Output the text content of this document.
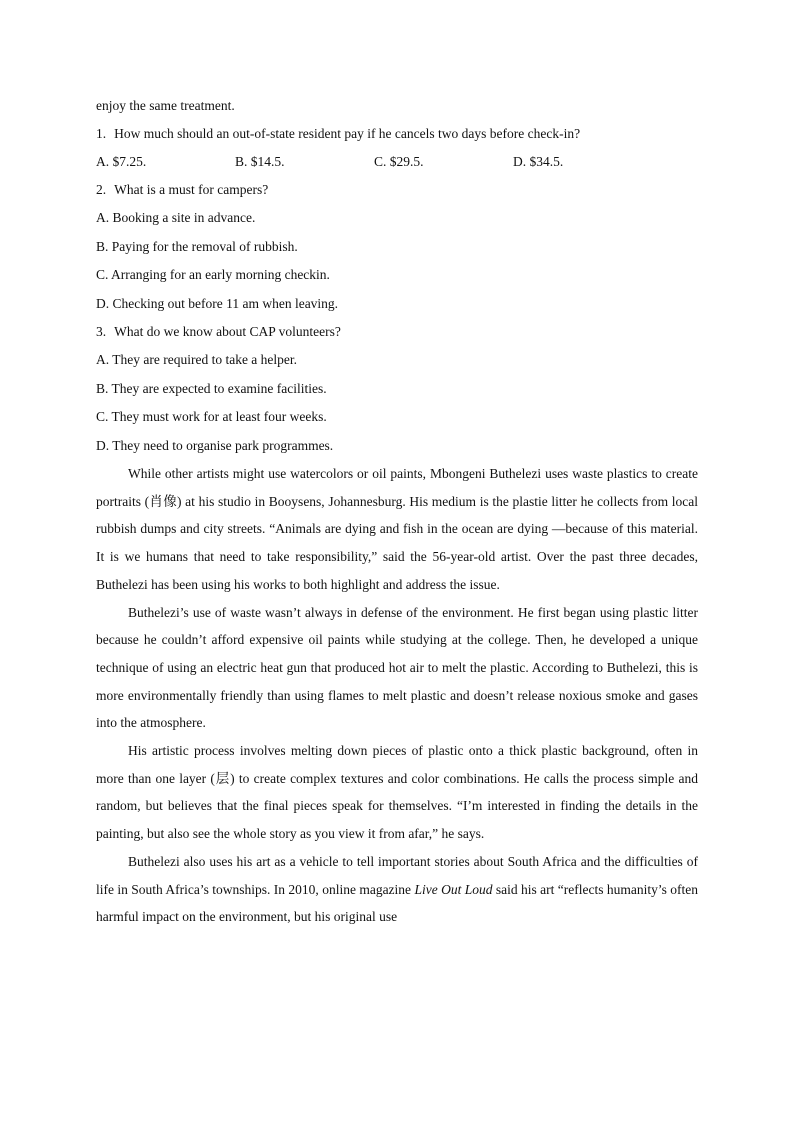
enjoy the same treatment.
1. How much should an out-of-state resident pay if he cancels two days before check-in?
A. $7.25.	B. $14.5.	C. $29.5.	D. $34.5.
2. What is a must for campers?
A. Booking a site in advance.
B. Paying for the removal of rubbish.
C. Arranging for an early morning checkin.
D. Checking out before 11 am when leaving.
3. What do we know about CAP volunteers?
A. They are required to take a helper.
B. They are expected to examine facilities.
C. They must work for at least four weeks.
D. They need to organise park programmes.

While other artists might use watercolors or oil paints, Mbongeni Buthelezi uses waste plastics to create portraits (肖像) at his studio in Booysens, Johannesburg. His medium is the plastie litter he collects from local rubbish dumps and city streets. “Animals are dying and fish in the ocean are dying —because of this material. It is we humans that need to take responsibility,” said the 56-year-old artist. Over the past three decades, Buthelezi has been using his works to both highlight and address the issue.

Buthelezi’s use of waste wasn’t always in defense of the environment. He first began using plastic litter because he couldn’t afford expensive oil paints while studying at the college. Then, he developed a unique technique of using an electric heat gun that produced hot air to melt the plastic. According to Buthelezi, this is more environmentally friendly than using flames to melt plastic and doesn’t release noxious smoke and gases into the atmosphere.

His artistic process involves melting down pieces of plastic onto a thick plastic background, often in more than one layer (层) to create complex textures and color combinations. He calls the process simple and random, but believes that the final pieces speak for themselves. “I’m interested in finding the details in the painting, but also see the whole story as you view it from afar,” he says.

Buthelezi also uses his art as a vehicle to tell important stories about South Africa and the difficulties of life in South Africa’s townships. In 2010, online magazine Live Out Loud said his art “reflects humanity’s often harmful impact on the environment, but his original use
